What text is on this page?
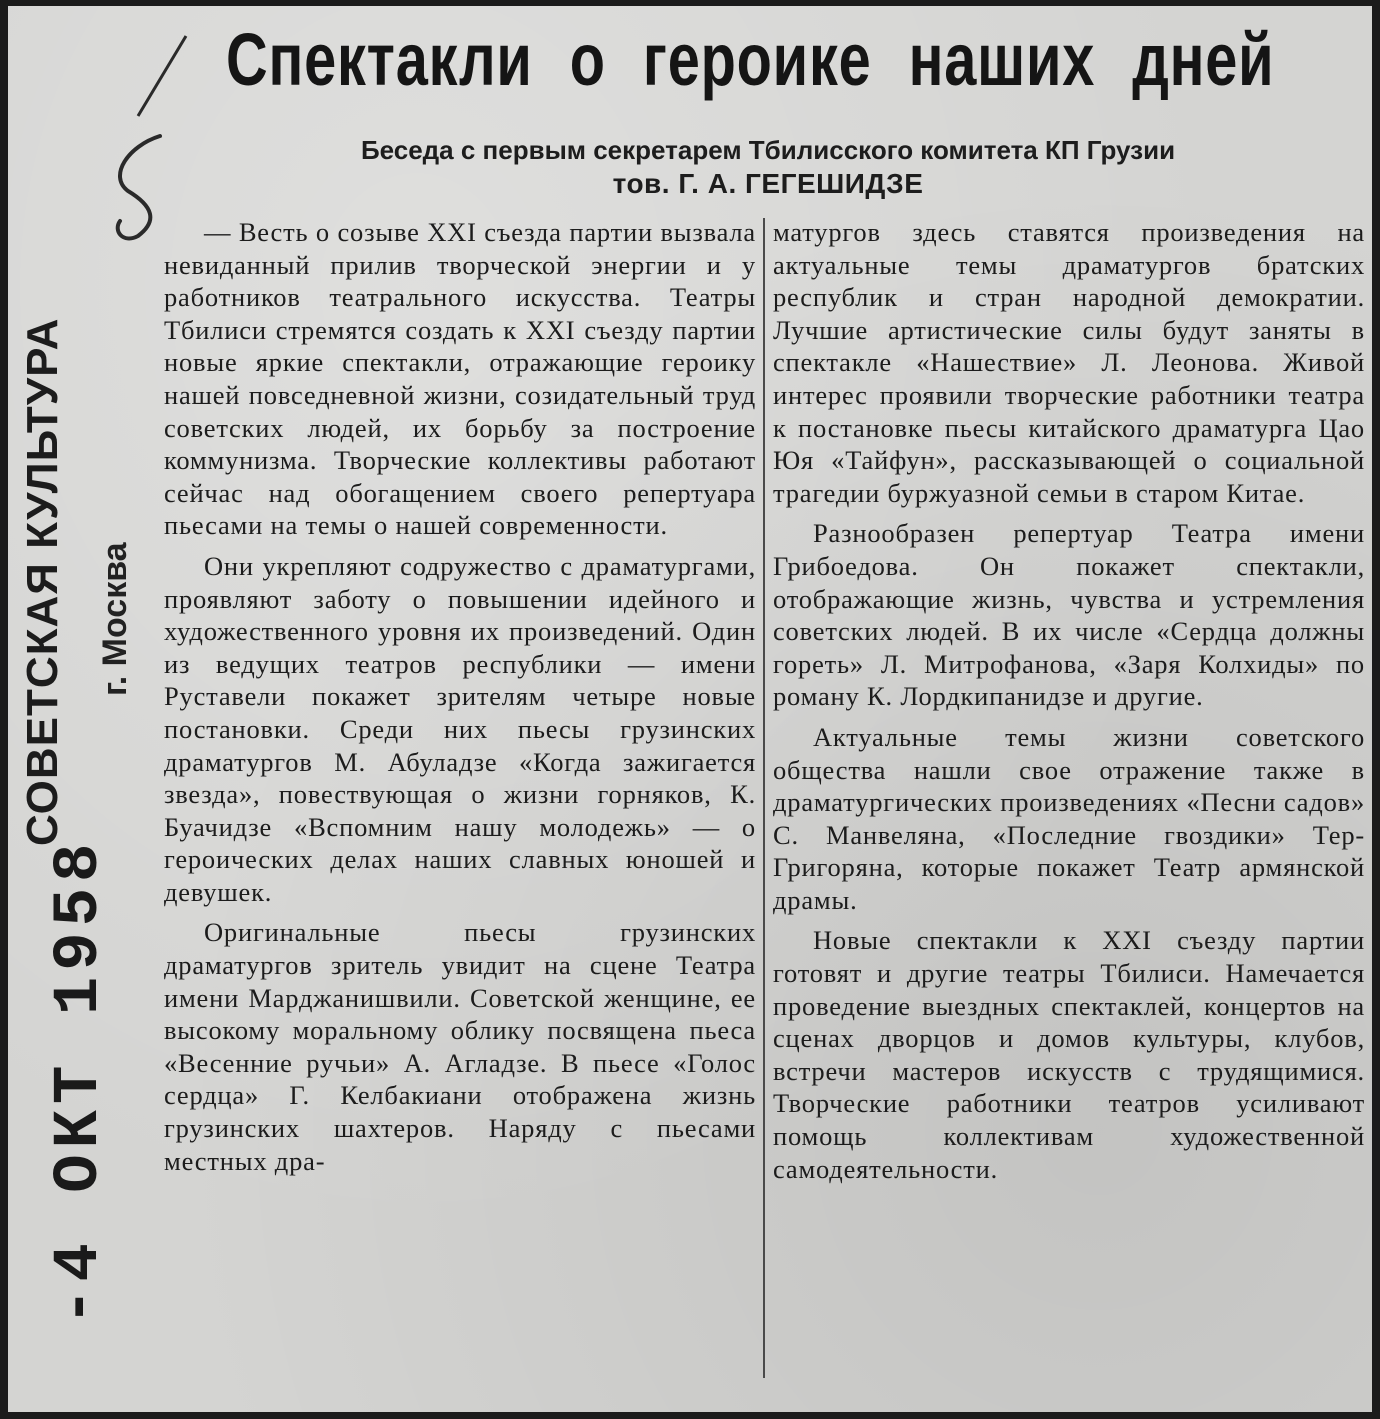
Спектакли о героике наших дней
Беседа с первым секретарем Тбилисского комитета КП Грузии
тов. Г. А. ГЕГЕШИДЗЕ
СОВЕТСКАЯ КУЛЬТУРА г. Москва
-4 ОКТ 1958

— Весть о созыве XXI съезда партии вызвала невиданный прилив творческой энергии и у работников театрального искусства. Театры Тбилиси стремятся создать к XXI съезду партии новые яркие спектакли, отражающие героику нашей повседневной жизни, созидательный труд советских людей, их борьбу за построение коммунизма. Творческие коллективы работают сейчас над обогащением своего репертуара пьесами на темы о нашей современности.

Они укрепляют содружество с драматургами, проявляют заботу о повышении идейного и художественного уровня их произведений. Один из ведущих театров республики — имени Руставели покажет зрителям четыре новые постановки. Среди них пьесы грузинских драматургов М. Абуладзе «Когда зажигается звезда», повествующая о жизни горняков, К. Буачидзе «Вспомним нашу молодежь» — о героических делах наших славных юношей и девушек.

Оригинальные пьесы грузинских драматургов зритель увидит на сцене Театра имени Марджанишвили. Советской женщине, ее высокому моральному облику посвящена пьеса «Весенние ручьи» А. Агладзе. В пьесе «Голос сердца» Г. Келбакиани отображена жизнь грузинских шахтеров. Наряду с пьесами местных дра-

матургов здесь ставятся произведения на актуальные темы драматургов братских республик и стран народной демократии. Лучшие артистические силы будут заняты в спектакле «Нашествие» Л. Леонова. Живой интерес проявили творческие работники театра к постановке пьесы китайского драматурга Цао Юя «Тайфун», рассказывающей о социальной трагедии буржуазной семьи в старом Китае.

Разнообразен репертуар Театра имени Грибоедова. Он покажет спектакли, отображающие жизнь, чувства и устремления советских людей. В их числе «Сердца должны гореть» Л. Митрофанова, «Заря Колхиды» по роману К. Лордкипанидзе и другие.

Актуальные темы жизни советского общества нашли свое отражение также в драматургических произведениях «Песни садов» С. Манвеляна, «Последние гвоздики» Тер-Григоряна, которые покажет Театр армянской драмы.

Новые спектакли к XXI съезду партии готовят и другие театры Тбилиси. Намечается проведение выездных спектаклей, концертов на сценах дворцов и домов культуры, клубов, встречи мастеров искусств с трудящимися. Творческие работники театров усиливают помощь коллективам художественной самодеятельности.
